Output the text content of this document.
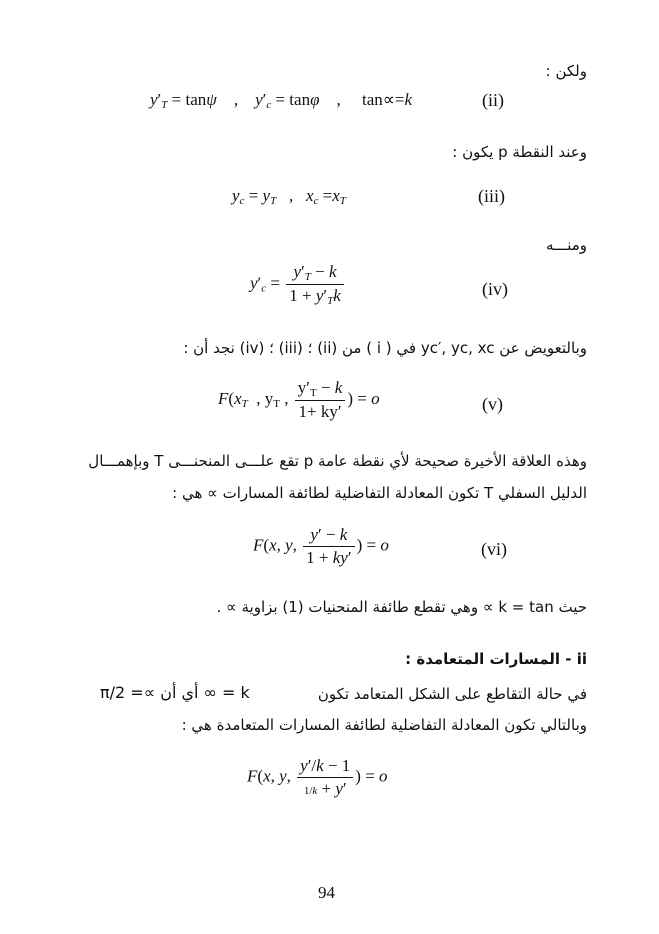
ولكن :
$y'_T = \tan\psi$    ,    $y'_c = \tan\varphi$    ,     tan∝=k	(ii)
وعند النقطة p يكون :
$y_c = y_T$   ,   $x_c =x_T$	(iii)
ومنـــه
$y'_c = \frac{y'_T - k}{1 + y'_Tk}$	(iv)
وبالتعويض عن yc′, yc, xc في ( i ) من (ii) ؛ (iii) ؛ (iv) نجد أن :
$F(x_T$  , $y_T$ , $\frac{y'_T - k}{1+ ky'}$ ) = o	(v)
وهذه العلاقة الأخيرة صحيحة لأي نقطة عامة p تقع علـــى المنحنـــى T وبإهمـــال
الدليل السفلي T تكون المعادلة التفاضلية لطائفة المسارات ∝ هي :
F(x, y, $\frac{y' - k}{1 + ky'}$ ) = o	(vi)
حيث k = tan ∝ وهي تقطع طائفة المنحنيات (1) بزاوية ∝ .
ii - المسارات المتعامدة :
في حالة التقاطع على الشكل المتعامد تكون
k = ∞ أي أن ∝= π/2
وبالتالي تكون المعادلة التفاضلية لطائفة المسارات المتعامدة هي :
F(x, y, $\frac{y'/k - 1}{1/k + y'}$ ) = o
94
